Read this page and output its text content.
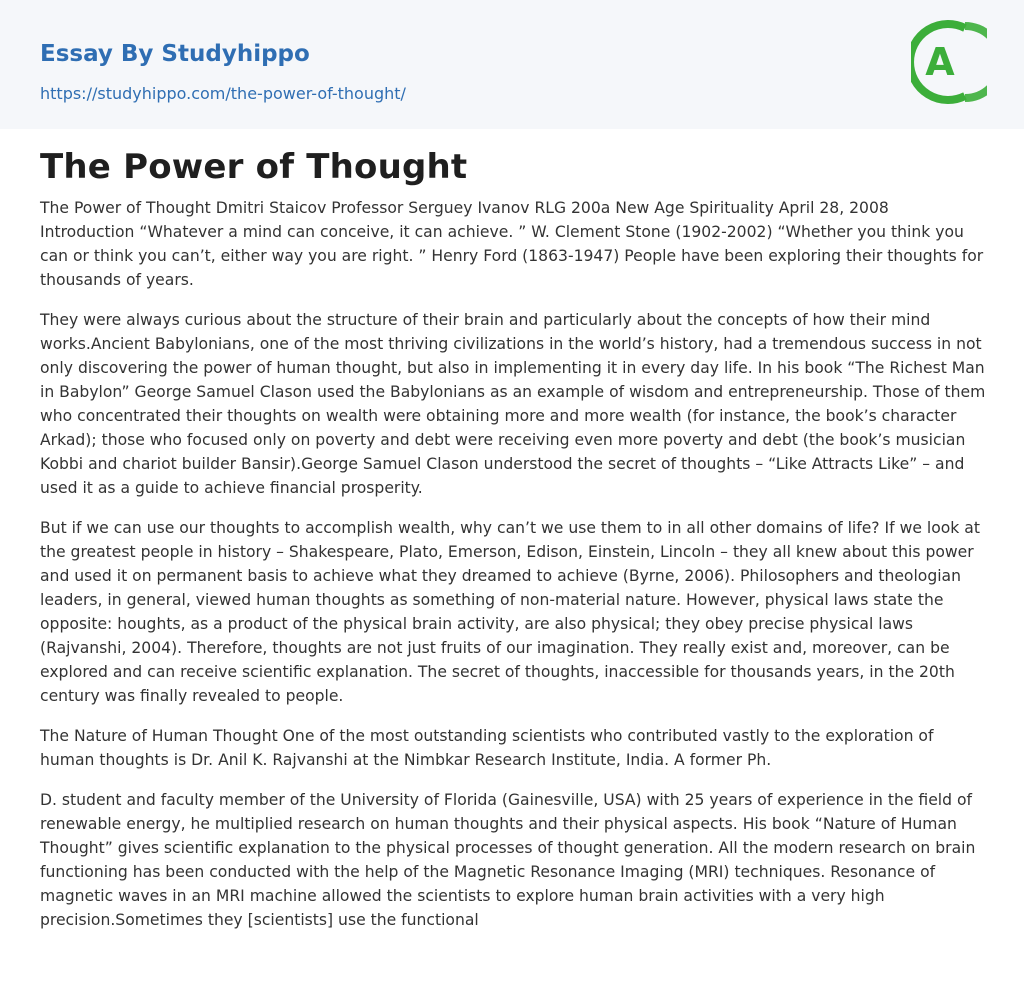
Essay By Studyhippo
https://studyhippo.com/the-power-of-thought/
A
The Power of Thought

The Power of Thought Dmitri Staicov Professor Serguey Ivanov RLG 200a New Age Spirituality April 28, 2008 Introduction “Whatever a mind can conceive, it can achieve. ” W. Clement Stone (1902-2002) “Whether you think you can or think you can’t, either way you are right. ” Henry Ford (1863-1947) People have been exploring their thoughts for thousands of years.

They were always curious about the structure of their brain and particularly about the concepts of how their mind works.Ancient Babylonians, one of the most thriving civilizations in the world’s history, had a tremendous success in not only discovering the power of human thought, but also in implementing it in every day life. In his book “The Richest Man in Babylon” George Samuel Clason used the Babylonians as an example of wisdom and entrepreneurship. Those of them who concentrated their thoughts on wealth were obtaining more and more wealth (for instance, the book’s character Arkad); those who focused only on poverty and debt were receiving even more poverty and debt (the book’s musician Kobbi and chariot builder Bansir).George Samuel Clason understood the secret of thoughts – “Like Attracts Like” – and used it as a guide to achieve financial prosperity.

But if we can use our thoughts to accomplish wealth, why can’t we use them to in all other domains of life? If we look at the greatest people in history – Shakespeare, Plato, Emerson, Edison, Einstein, Lincoln – they all knew about this power and used it on permanent basis to achieve what they dreamed to achieve (Byrne, 2006). Philosophers and theologian leaders, in general, viewed human thoughts as something of non-material nature. However, physical laws state the opposite: houghts, as a product of the physical brain activity, are also physical; they obey precise physical laws (Rajvanshi, 2004). Therefore, thoughts are not just fruits of our imagination. They really exist and, moreover, can be explored and can receive scientific explanation. The secret of thoughts, inaccessible for thousands years, in the 20th century was finally revealed to people.

The Nature of Human Thought One of the most outstanding scientists who contributed vastly to the exploration of human thoughts is Dr. Anil K. Rajvanshi at the Nimbkar Research Institute, India. A former Ph.

D. student and faculty member of the University of Florida (Gainesville, USA) with 25 years of experience in the field of renewable energy, he multiplied research on human thoughts and their physical aspects. His book “Nature of Human Thought” gives scientific explanation to the physical processes of thought generation. All the modern research on brain functioning has been conducted with the help of the Magnetic Resonance Imaging (MRI) techniques. Resonance of magnetic waves in an MRI machine allowed the scientists to explore human brain activities with a very high precision.Sometimes they [scientists] use the functional
